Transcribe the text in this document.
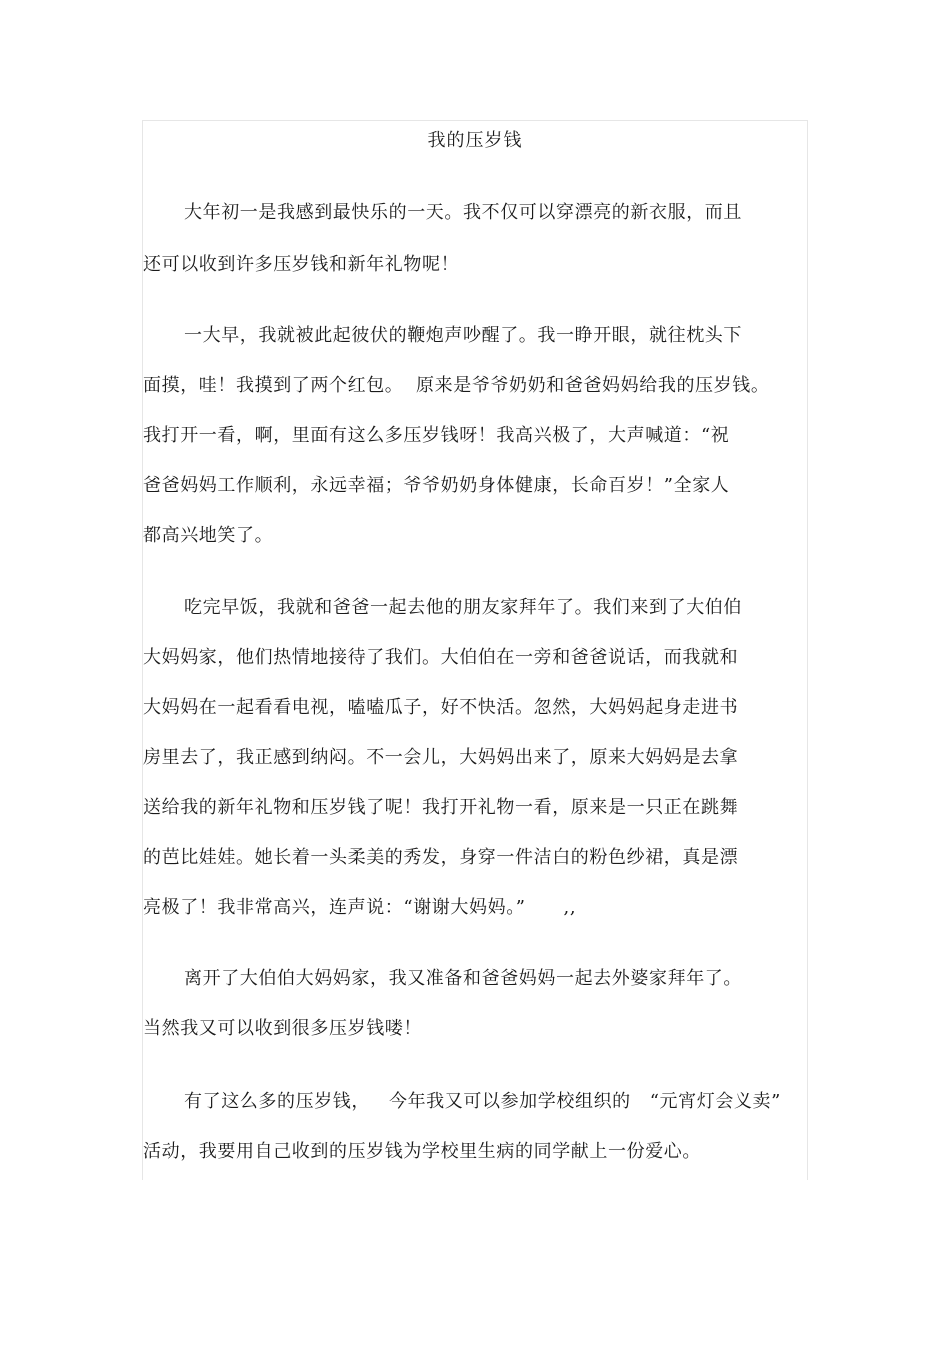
我的压岁钱
大年初一是我感到最快乐的一天。我不仅可以穿漂亮的新衣服，而且
还可以收到许多压岁钱和新年礼物呢！
一大早，我就被此起彼伏的鞭炮声吵醒了。我一睁开眼，就往枕头下
面摸，哇！我摸到了两个红包。  原来是爷爷奶奶和爸爸妈妈给我的压岁钱。
我打开一看，啊，里面有这么多压岁钱呀！我高兴极了，大声喊道：“祝
爸爸妈妈工作顺利，永远幸福；爷爷奶奶身体健康，长命百岁！”全家人
都高兴地笑了。
吃完早饭，我就和爸爸一起去他的朋友家拜年了。我们来到了大伯伯
大妈妈家，他们热情地接待了我们。大伯伯在一旁和爸爸说话，而我就和
大妈妈在一起看看电视，嗑嗑瓜子，好不快活。忽然，大妈妈起身走进书
房里去了，我正感到纳闷。不一会儿，大妈妈出来了，原来大妈妈是去拿
送给我的新年礼物和压岁钱了呢！我打开礼物一看，原来是一只正在跳舞
的芭比娃娃。她长着一头柔美的秀发，身穿一件洁白的粉色纱裙，真是漂
亮极了！我非常高兴，连声说：“谢谢大妈妈。”      ,,
离开了大伯伯大妈妈家，我又准备和爸爸妈妈一起去外婆家拜年了。
当然我又可以收到很多压岁钱喽！
有了这么多的压岁钱，   今年我又可以参加学校组织的   “元宵灯会义卖”
活动，我要用自己收到的压岁钱为学校里生病的同学献上一份爱心。
